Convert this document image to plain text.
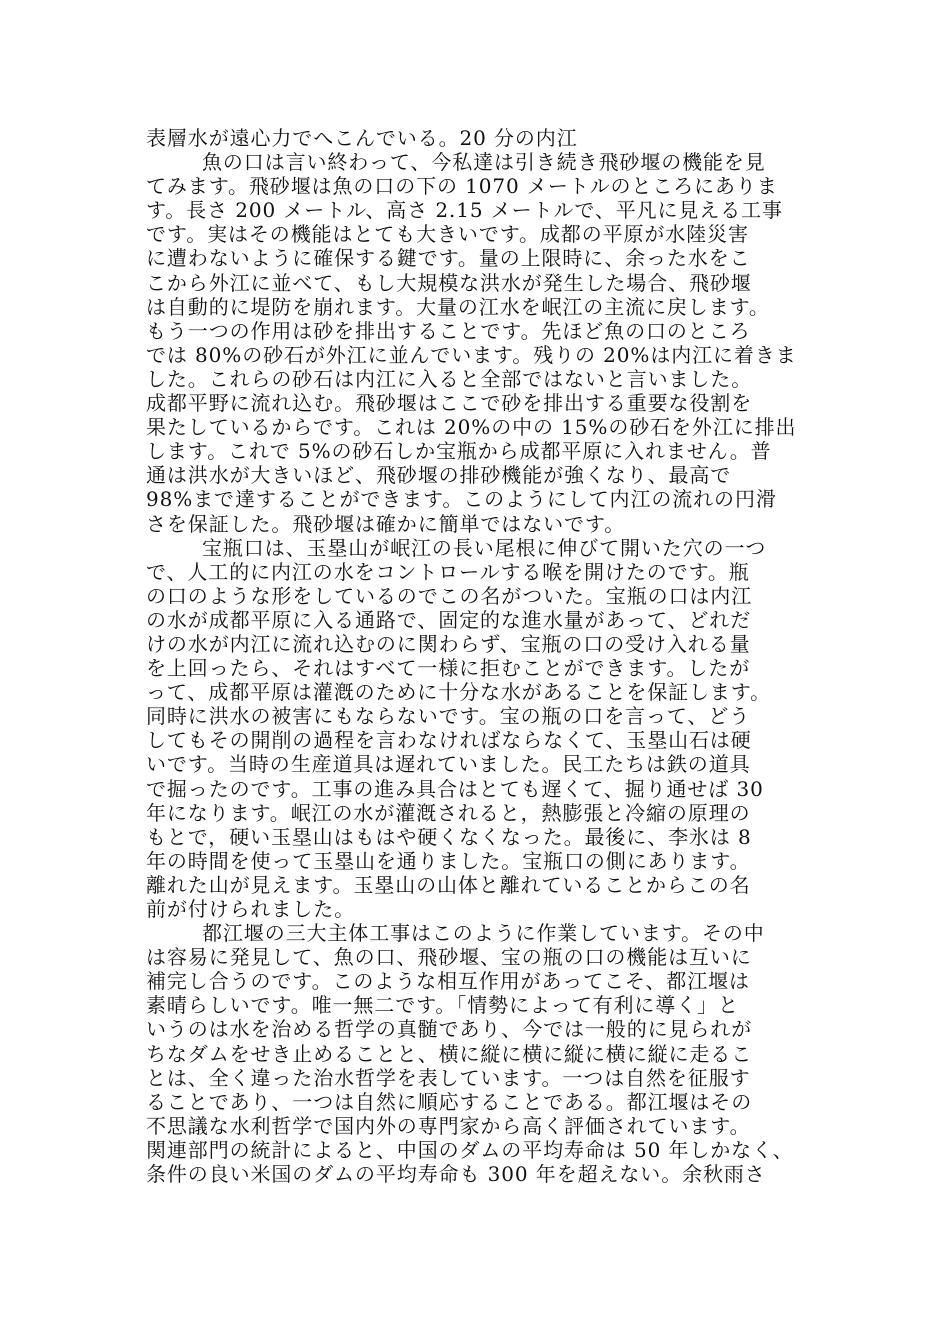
表層水が遠心力でへこんでいる。20 分の内江
魚の口は言い終わって、今私達は引き続き飛砂堰の機能を見
てみます。飛砂堰は魚の口の下の 1070 メートルのところにありま
す。長さ 200 メートル、高さ 2.15 メートルで、平凡に見える工事
です。実はその機能はとても大きいです。成都の平原が水陸災害
に遭わないように確保する鍵です。量の上限時に、余った水をこ
こから外江に並べて、もし大規模な洪水が発生した場合、飛砂堰
は自動的に堤防を崩れます。大量の江水を岷江の主流に戻します。
もう一つの作用は砂を排出することです。先ほど魚の口のところ
では 80%の砂石が外江に並んでいます。残りの 20%は内江に着きま
した。これらの砂石は内江に入ると全部ではないと言いました。
成都平野に流れ込む。飛砂堰はここで砂を排出する重要な役割を
果たしているからです。これは 20%の中の 15%の砂石を外江に排出
します。これで 5%の砂石しか宝瓶から成都平原に入れません。普
通は洪水が大きいほど、飛砂堰の排砂機能が強くなり、最高で
98%まで達することができます。このようにして内江の流れの円滑
さを保証した。飛砂堰は確かに簡単ではないです。
宝瓶口は、玉塁山が岷江の長い尾根に伸びて開いた穴の一つ
で、人工的に内江の水をコントロールする喉を開けたのです。瓶
の口のような形をしているのでこの名がついた。宝瓶の口は内江
の水が成都平原に入る通路で、固定的な進水量があって、どれだ
けの水が内江に流れ込むのに関わらず、宝瓶の口の受け入れる量
を上回ったら、それはすべて一様に拒むことができます。したが
って、成都平原は灌漑のために十分な水があることを保証します。
同時に洪水の被害にもならないです。宝の瓶の口を言って、どう
してもその開削の過程を言わなければならなくて、玉塁山石は硬
いです。当時の生産道具は遅れていました。民工たちは鉄の道具
で掘ったのです。工事の進み具合はとても遅くて、掘り通せば 30
年になります。岷江の水が灌漑されると，熱膨張と冷縮の原理の
もとで，硬い玉塁山はもはや硬くなくなった。最後に、李氷は 8
年の時間を使って玉塁山を通りました。宝瓶口の側にあります。
離れた山が見えます。玉塁山の山体と離れていることからこの名
前が付けられました。
都江堰の三大主体工事はこのように作業しています。その中
は容易に発見して、魚の口、飛砂堰、宝の瓶の口の機能は互いに
補完し合うのです。このような相互作用があってこそ、都江堰は
素晴らしいです。唯一無二です。「情勢によって有利に導く」と
いうのは水を治める哲学の真髄であり、今では一般的に見られが
ちなダムをせき止めることと、横に縦に横に縦に横に縦に走るこ
とは、全く違った治水哲学を表しています。一つは自然を征服す
ることであり、一つは自然に順応することである。都江堰はその
不思議な水利哲学で国内外の専門家から高く評価されています。
関連部門の統計によると、中国のダムの平均寿命は 50 年しかなく、
条件の良い米国のダムの平均寿命も 300 年を超えない。余秋雨さ
